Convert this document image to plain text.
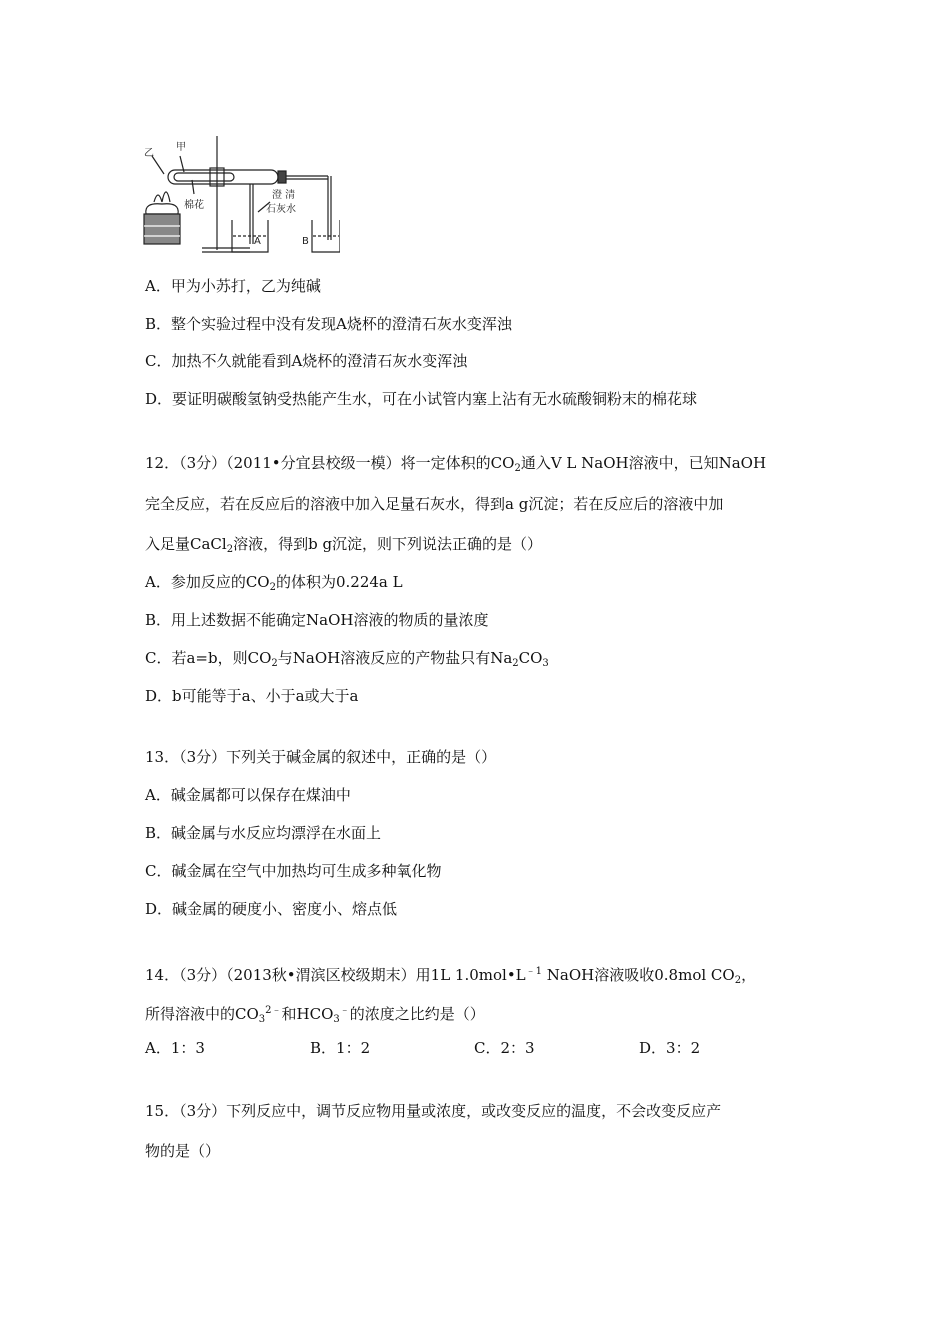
乙
甲
棉花
澄 清
石灰水
A	B
A．甲为小苏打，乙为纯碱
B．整个实验过程中没有发现A烧杯的澄清石灰水变浑浊
C．加热不久就能看到A烧杯的澄清石灰水变浑浊
D．要证明碳酸氢钠受热能产生水，可在小试管内塞上沾有无水硫酸铜粉末的棉花球
12．（3分）（2011•分宜县校级一模）将一定体积的$CO_2$通入V L NaOH溶液中，已知NaOH
完全反应，若在反应后的溶液中加入足量石灰水，得到a g沉淀；若在反应后的溶液中加
入足量CaCl$_2$溶液，得到b g沉淀，则下列说法正确的是（）
A．参加反应的$CO_2$的体积为0.224a L
B．用上述数据不能确定NaOH溶液的物质的量浓度
C．若a=b，则$CO_2$与NaOH溶液反应的产物盐只有$Na_2CO_3$
D．b可能等于a、小于a或大于a
13．（3分）下列关于碱金属的叙述中，正确的是（）
A．碱金属都可以保存在煤油中
B．碱金属与水反应均漂浮在水面上
C．碱金属在空气中加热均可生成多种氧化物
D．碱金属的硬度小、密度小、熔点低
14．（3分）（2013秋•渭滨区校级期末）用1L $1.0mol•L^{﹣1}$ NaOH溶液吸收0.8mol $CO_2$，
所得溶液中的$CO_3^{2﹣}$和$HCO_3^﹣$的浓度之比约是（）
A．1：3	B．1：2	C．2：3	D．3：2
15．（3分）下列反应中，调节反应物用量或浓度，或改变反应的温度，不会改变反应产
物的是（）
